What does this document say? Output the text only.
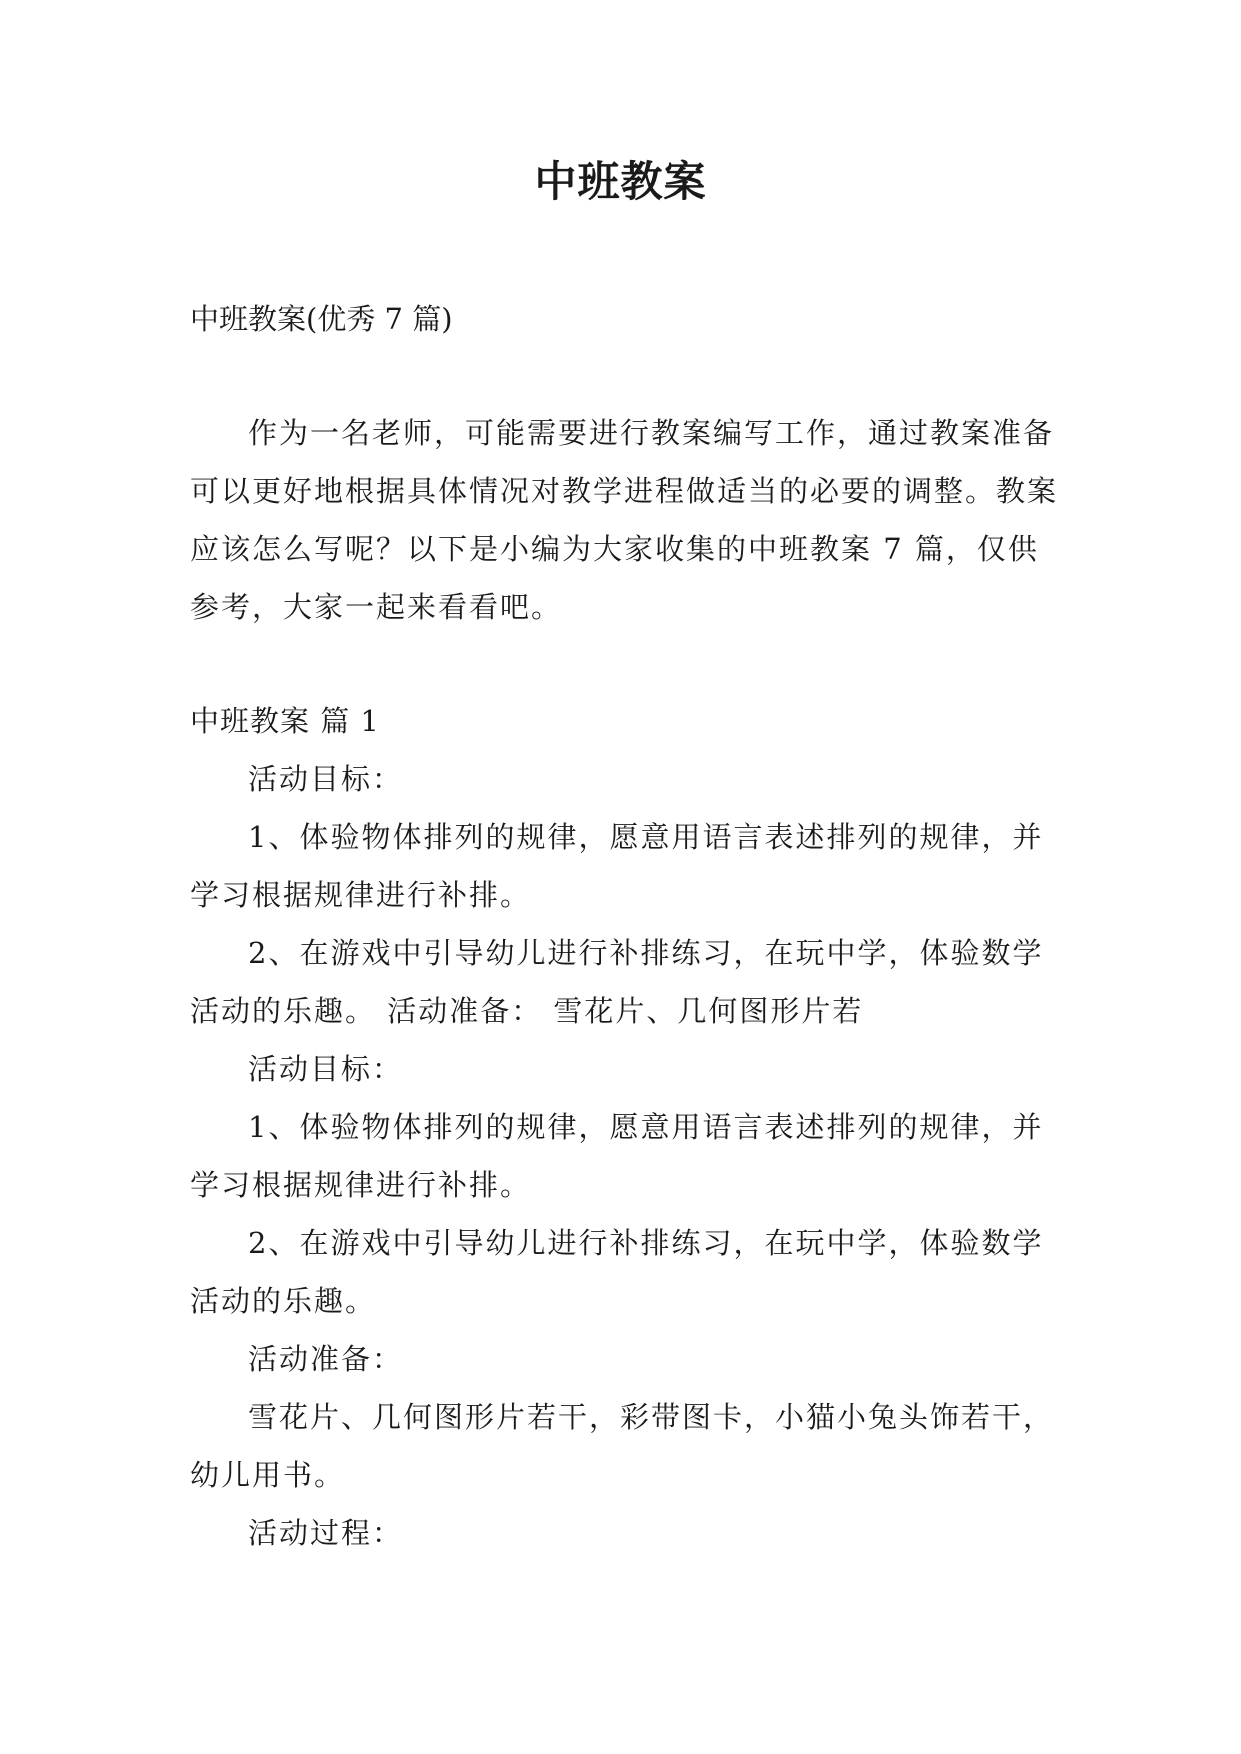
中班教案

中班教案(优秀 7 篇)

作为一名老师，可能需要进行教案编写工作，通过教案准备可以更好地根据具体情况对教学进程做适当的必要的调整。教案应该怎么写呢？以下是小编为大家收集的中班教案 7 篇，仅供参考，大家一起来看看吧。

中班教案 篇 1

活动目标：

1、体验物体排列的规律，愿意用语言表述排列的规律，并学习根据规律进行补排。

2、在游戏中引导幼儿进行补排练习，在玩中学，体验数学活动的乐趣。 活动准备： 雪花片、几何图形片若

活动目标：

1、体验物体排列的规律，愿意用语言表述排列的规律，并学习根据规律进行补排。

2、在游戏中引导幼儿进行补排练习，在玩中学，体验数学活动的乐趣。

活动准备：

雪花片、几何图形片若干，彩带图卡，小猫小兔头饰若干，幼儿用书。

活动过程：
